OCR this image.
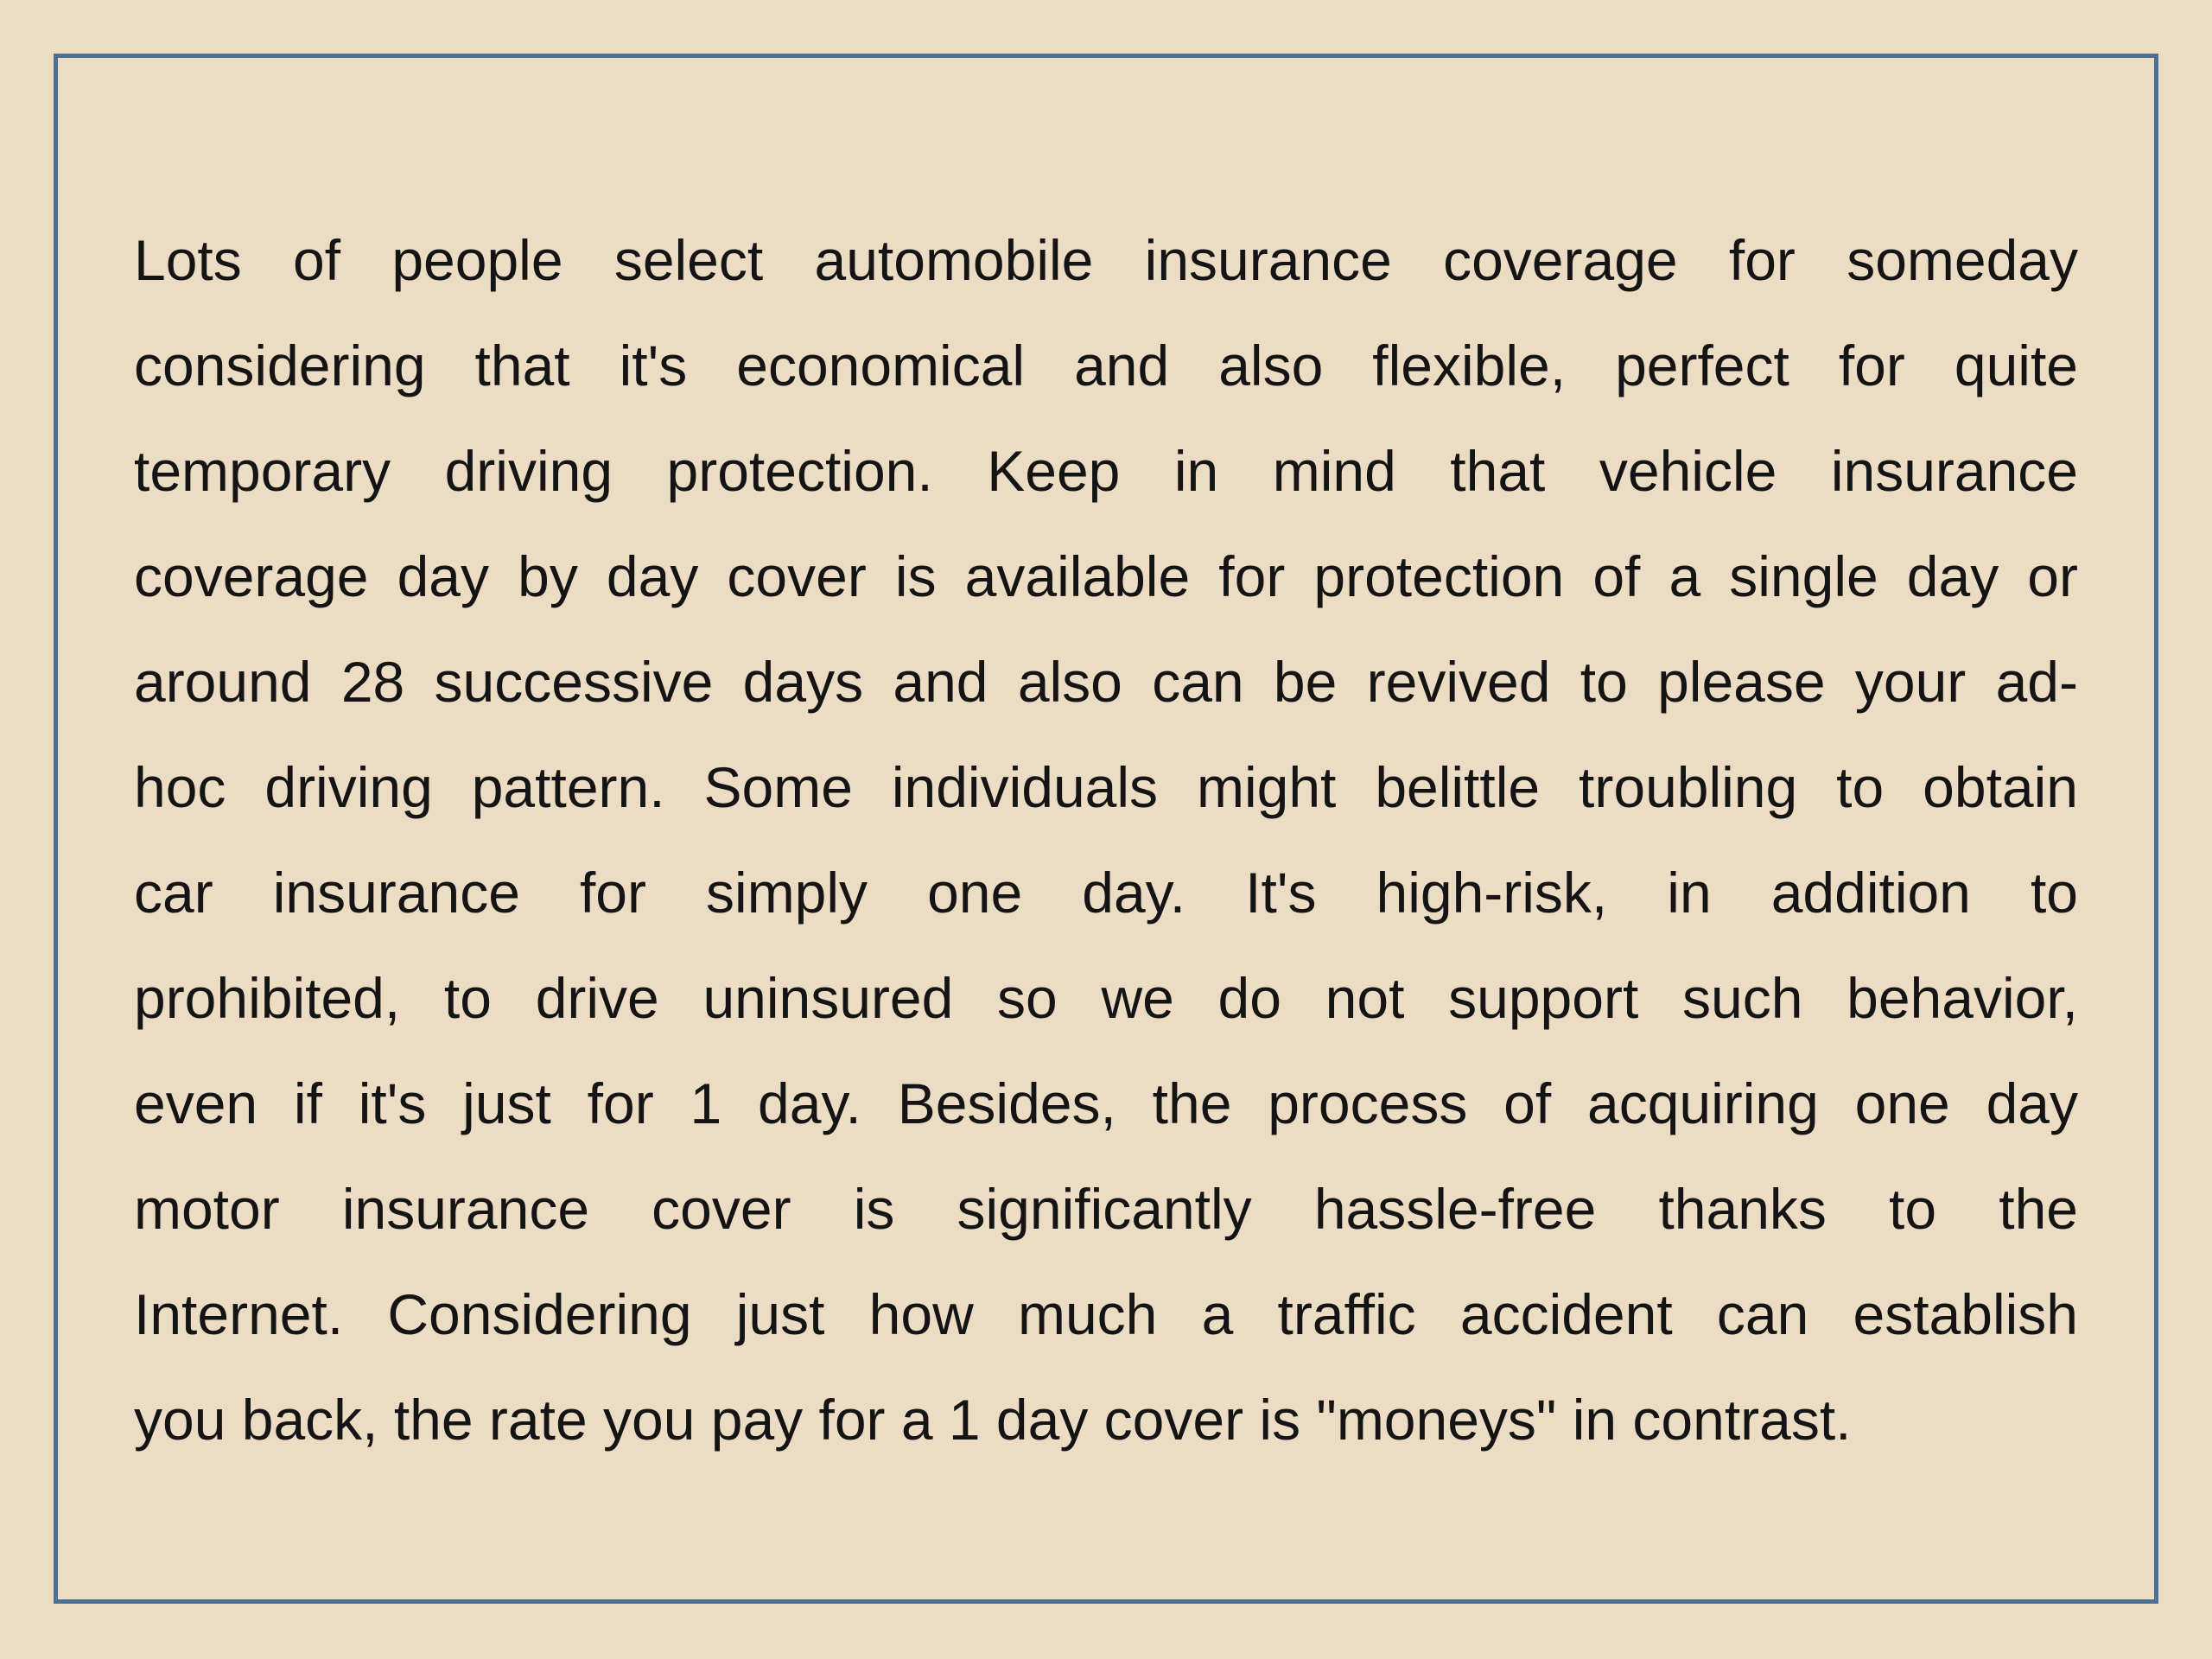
Lots of people select automobile insurance coverage for someday
considering that it's economical and also flexible, perfect for quite
temporary driving protection. Keep in mind that vehicle insurance
coverage day by day cover is available for protection of a single day or
around 28 successive days and also can be revived to please your ad-
hoc driving pattern. Some individuals might belittle troubling to obtain
car insurance for simply one day. It's high-risk, in addition to
prohibited, to drive uninsured so we do not support such behavior,
even if it's just for 1 day. Besides, the process of acquiring one day
motor insurance cover is significantly hassle-free thanks to the
Internet. Considering just how much a traffic accident can establish
you back, the rate you pay for a 1 day cover is "moneys" in contrast.
